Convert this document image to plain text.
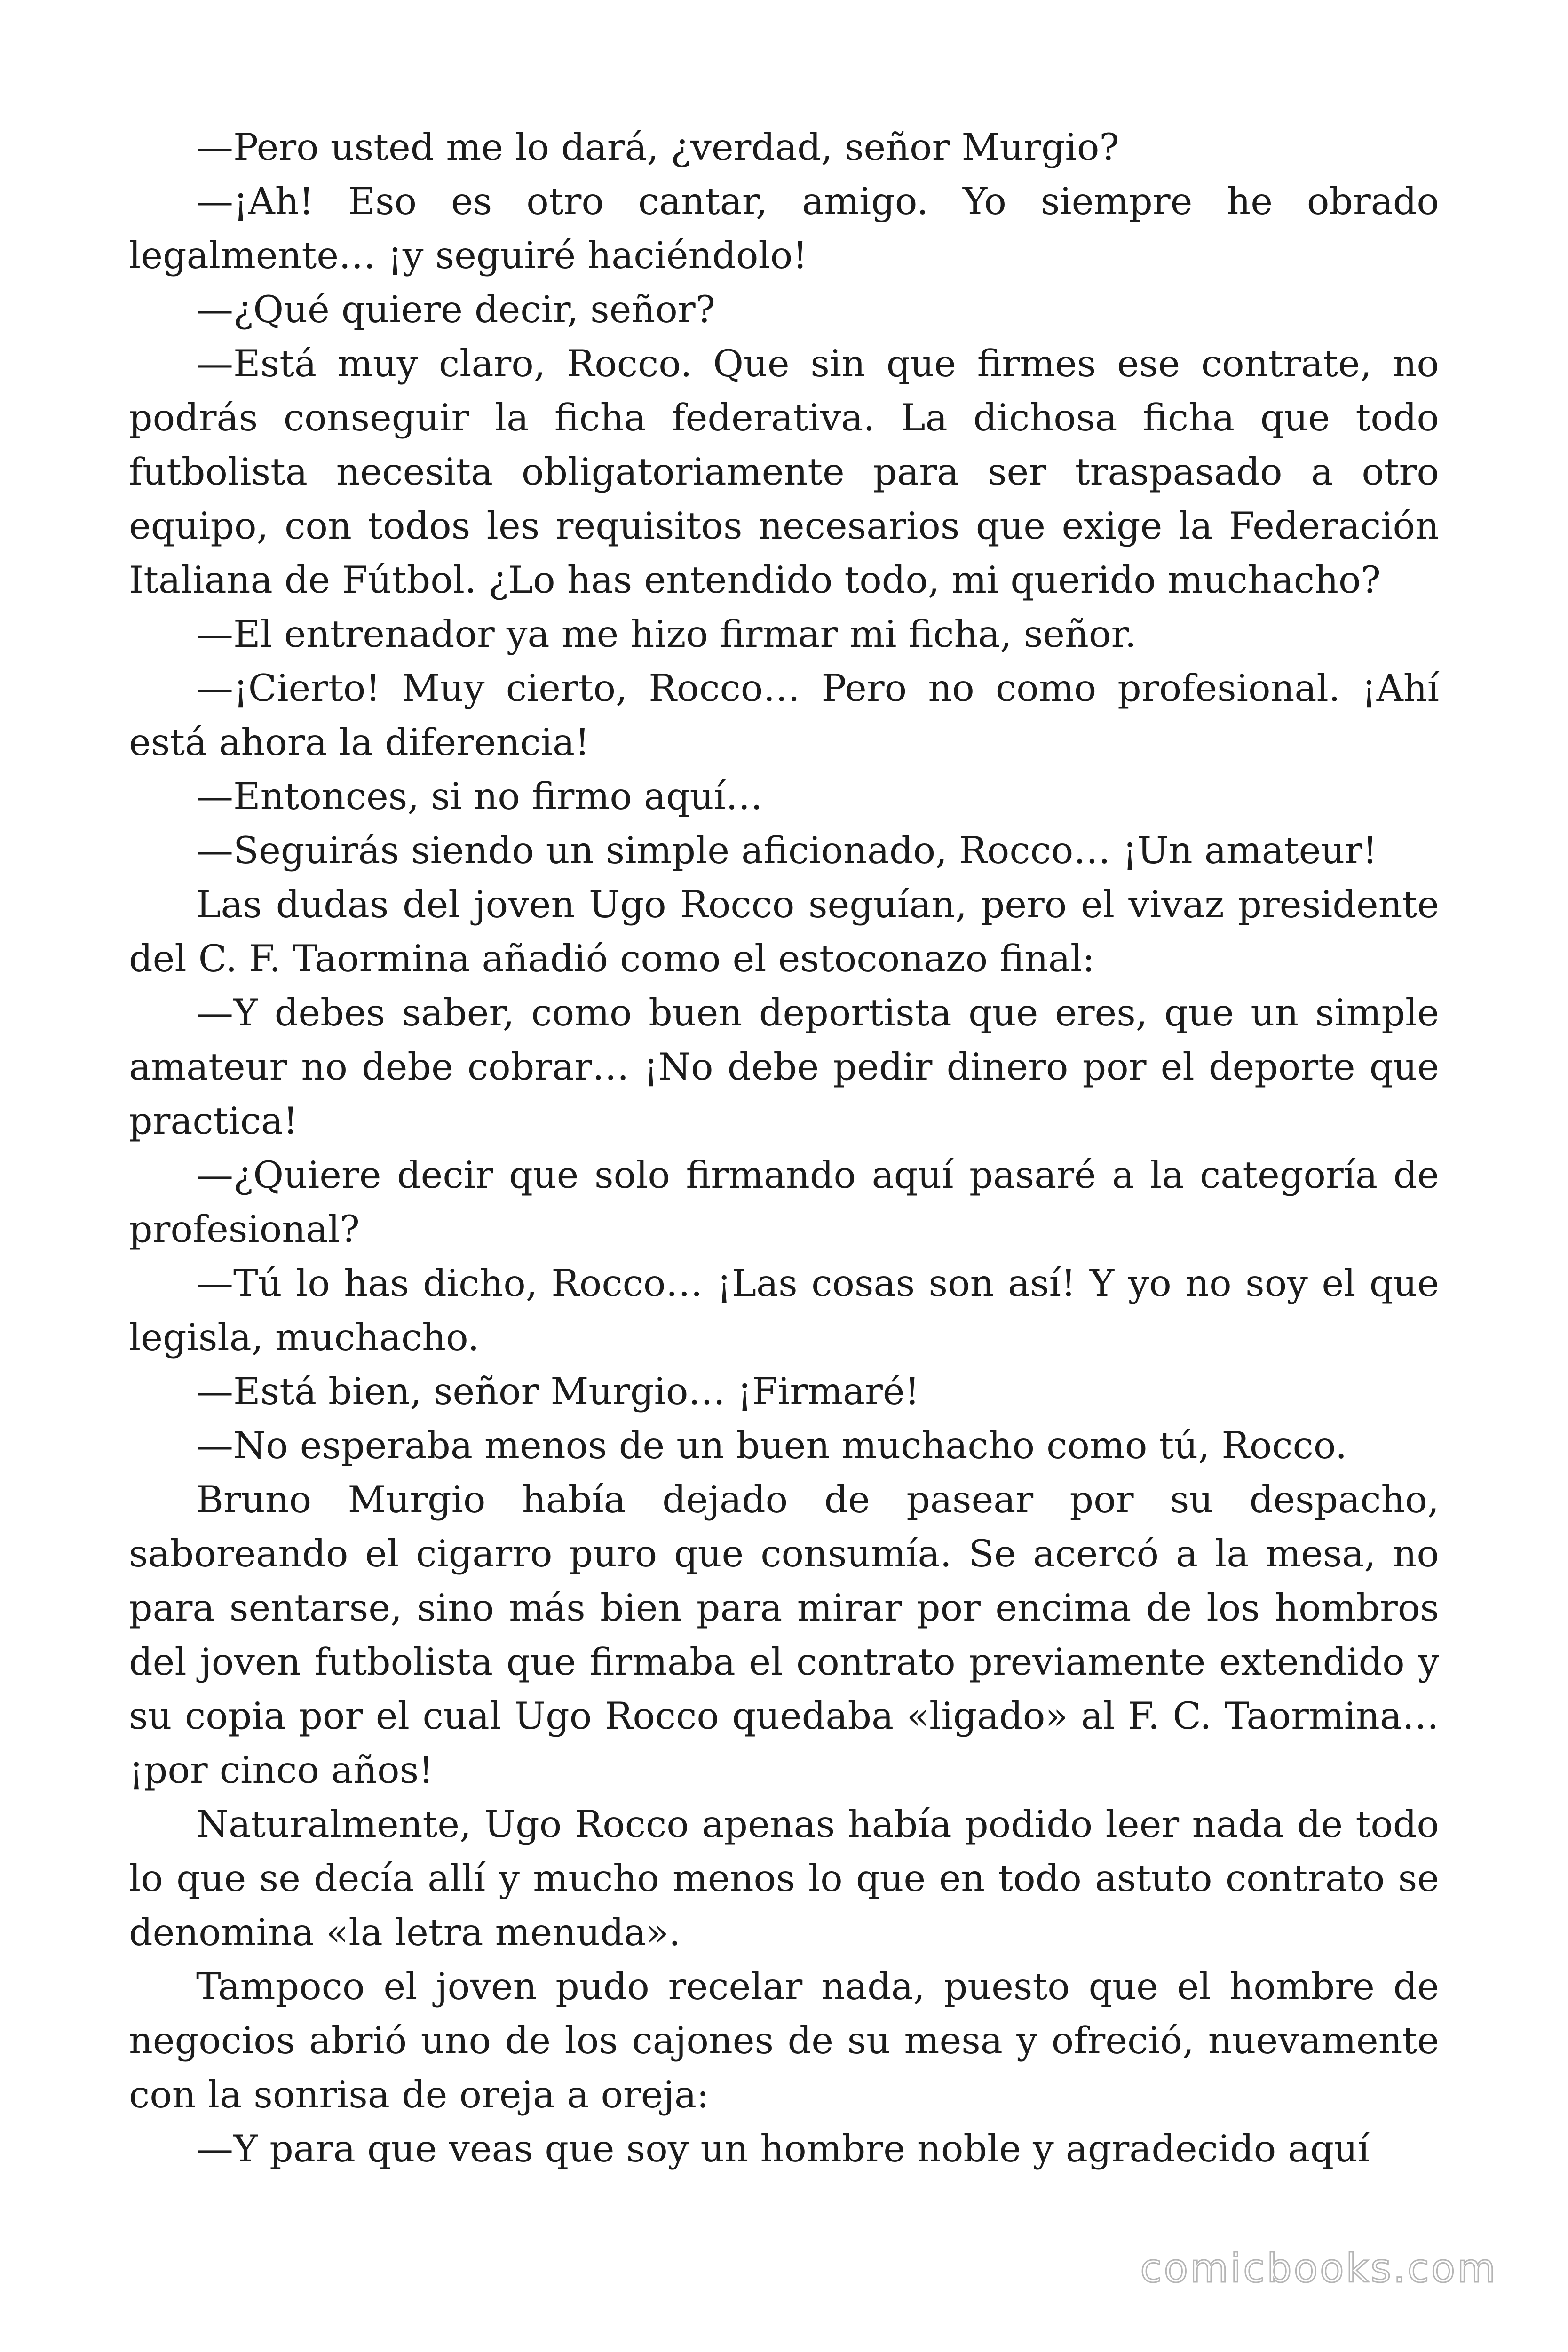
—Pero usted me lo dará, ¿verdad, señor Murgio?

—¡Ah! Eso es otro cantar, amigo. Yo siempre he obrado legalmente… ¡y seguiré haciéndolo!

—¿Qué quiere decir, señor?

—Está muy claro, Rocco. Que sin que firmes ese contrate, no podrás conseguir la ficha federativa. La dichosa ficha que todo futbolista necesita obligatoriamente para ser traspasado a otro equipo, con todos les requisitos necesarios que exige la Federación Italiana de Fútbol. ¿Lo has entendido todo, mi querido muchacho?

—El entrenador ya me hizo firmar mi ficha, señor.

—¡Cierto! Muy cierto, Rocco… Pero no como profesional. ¡Ahí está ahora la diferencia!

—Entonces, si no firmo aquí…

—Seguirás siendo un simple aficionado, Rocco… ¡Un amateur!

Las dudas del joven Ugo Rocco seguían, pero el vivaz presidente del C. F. Taormina añadió como el estoconazo final:

—Y debes saber, como buen deportista que eres, que un simple amateur no debe cobrar… ¡No debe pedir dinero por el deporte que practica!

—¿Quiere decir que solo firmando aquí pasaré a la categoría de profesional?

—Tú lo has dicho, Rocco… ¡Las cosas son así! Y yo no soy el que legisla, muchacho.

—Está bien, señor Murgio… ¡Firmaré!

—No esperaba menos de un buen muchacho como tú, Rocco.

Bruno Murgio había dejado de pasear por su despacho, saboreando el cigarro puro que consumía. Se acercó a la mesa, no para sentarse, sino más bien para mirar por encima de los hombros del joven futbolista que firmaba el contrato previamente extendido y su copia por el cual Ugo Rocco quedaba «ligado» al F. C. Taormina… ¡por cinco años!

Naturalmente, Ugo Rocco apenas había podido leer nada de todo lo que se decía allí y mucho menos lo que en todo astuto contrato se denomina «la letra menuda».

Tampoco el joven pudo recelar nada, puesto que el hombre de negocios abrió uno de los cajones de su mesa y ofreció, nuevamente con la sonrisa de oreja a oreja:

—Y para que veas que soy un hombre noble y agradecido aquí

comicbooks.com
